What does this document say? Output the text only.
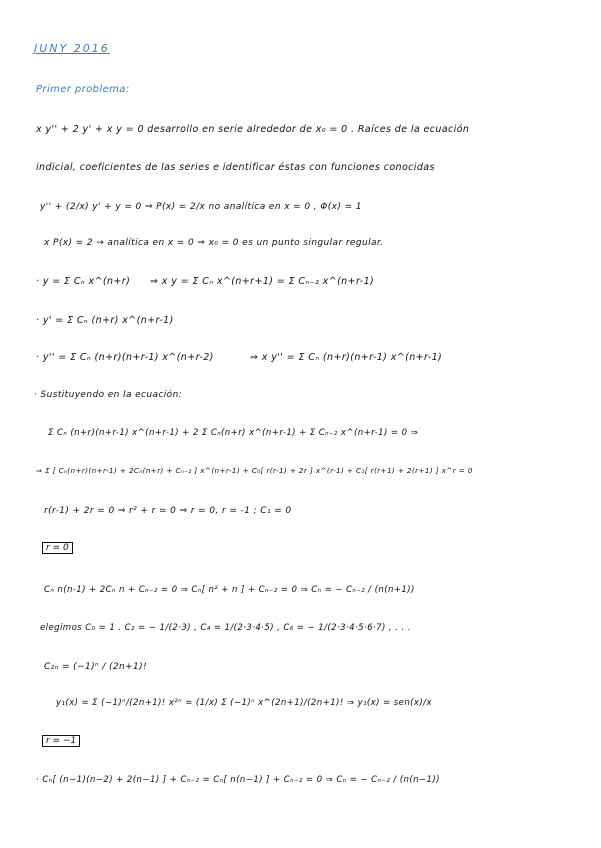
JUNY 2016
Primer problema:
x y'' + 2 y' + x y = 0 desarrollo en serie alrededor de x₀ = 0 . Raíces de la ecuación
indicial, coeficientes de las series e identificar éstas con funciones conocidas
y'' + (2/x) y' + y = 0 ⇒ P(x) = 2/x no analítica en x = 0 , Φ(x) = 1
x P(x) = 2 → analítica en x = 0 ⇒ x₀ = 0 es un punto singular regular.
· y = Σ Cₙ x^(n+r) ⇒ x y = Σ Cₙ x^(n+r+1) = Σ Cₙ₋₂ x^(n+r-1)
· y' = Σ Cₙ (n+r) x^(n+r-1)
· y'' = Σ Cₙ (n+r)(n+r-1) x^(n+r-2)	⇒ x y'' = Σ Cₙ (n+r)(n+r-1) x^(n+r-1)
· Sustituyendo en la ecuación:
Σ Cₙ (n+r)(n+r-1) x^(n+r-1) + 2 Σ Cₙ(n+r) x^(n+r-1) + Σ Cₙ₋₂ x^(n+r-1) = 0 ⇒
⇒ Σ [ Cₙ(n+r)(n+r-1) + 2Cₙ(n+r) + Cₙ₋₂ ] x^(n+r-1) + C₀[ r(r-1) + 2r ] x^(r-1) + C₁[ r(r+1) + 2(r+1) ] x^r = 0
r(r-1) + 2r = 0 ⇒ r² + r = 0 ⇒ r = 0, r = -1 ; C₁ = 0
r = 0
Cₙ n(n-1) + 2Cₙ n + Cₙ₋₂ = 0 ⇒ Cₙ[ n² + n ] + Cₙ₋₂ = 0 ⇒ Cₙ = − Cₙ₋₂ / (n(n+1))
elegimos C₀ = 1 . C₂ = − 1/(2·3) , C₄ = 1/(2·3·4·5) , C₆ = − 1/(2·3·4·5·6·7) , . . .
C₂ₙ = (−1)ⁿ / (2n+1)!
y₁(x) = Σ (−1)ⁿ/(2n+1)! x²ⁿ = (1/x) Σ (−1)ⁿ x^(2n+1)/(2n+1)! ⇒ y₁(x) = sen(x)/x
r = −1
· Cₙ[ (n−1)(n−2) + 2(n−1) ] + Cₙ₋₂ = Cₙ[ n(n−1) ] + Cₙ₋₂ = 0 ⇒ Cₙ = − Cₙ₋₂ / (n(n−1))
